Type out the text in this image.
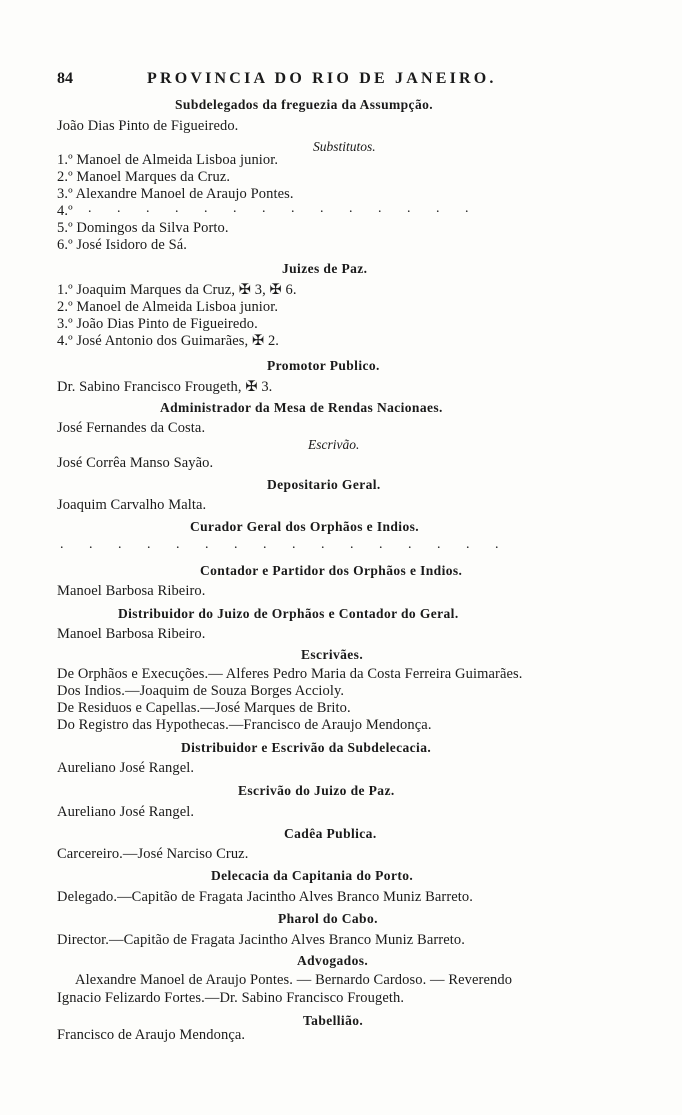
84	PROVINCIA DO RIO DE JANEIRO.
Subdelegados da freguezia da Assumpção.
João Dias Pinto de Figueiredo.
Substitutos.
1.º Manoel de Almeida Lisboa junior.
2.º Manoel Marques da Cruz.
3.º Alexandre Manoel de Araujo Pontes.
4.º . . . . . . . . . . . . . .
5.º Domingos da Silva Porto.
6.º José Isidoro de Sá.
Juizes de Paz.
1.º Joaquim Marques da Cruz, ✠ 3, ✠ 6.
2.º Manoel de Almeida Lisboa junior.
3.º João Dias Pinto de Figueiredo.
4.º José Antonio dos Guimarães, ✠ 2.
Promotor Publico.
Dr. Sabino Francisco Frougeth, ✠ 3.
Administrador da Mesa de Rendas Nacionaes.
José Fernandes da Costa.
Escrivão.
José Corrêa Manso Sayão.
Depositario Geral.
Joaquim Carvalho Malta.
Curador Geral dos Orphãos e Indios.
. . . . . . . . . . . . . . . .
Contador e Partidor dos Orphãos e Indios.
Manoel Barbosa Ribeiro.
Distribuidor do Juizo de Orphãos e Contador do Geral.
Manoel Barbosa Ribeiro.
Escrivães.
De Orphãos e Execuções.— Alferes Pedro Maria da Costa Ferreira Guimarães.
Dos Indios.—Joaquim de Souza Borges Accioly.
De Residuos e Capellas.—José Marques de Brito.
Do Registro das Hypothecas.—Francisco de Araujo Mendonça.
Distribuidor e Escrivão da Subdelecacia.
Aureliano José Rangel.
Escrivão do Juizo de Paz.
Aureliano José Rangel.
Cadêa Publica.
Carcereiro.—José Narciso Cruz.
Delecacia da Capitania do Porto.
Delegado.—Capitão de Fragata Jacintho Alves Branco Muniz Barreto.
Pharol do Cabo.
Director.—Capitão de Fragata Jacintho Alves Branco Muniz Barreto.
Advogados.
Alexandre Manoel de Araujo Pontes. — Bernardo Cardoso. — Reverendo
Ignacio Felizardo Fortes.—Dr. Sabino Francisco Frougeth.
Tabellião.
Francisco de Araujo Mendonça.
